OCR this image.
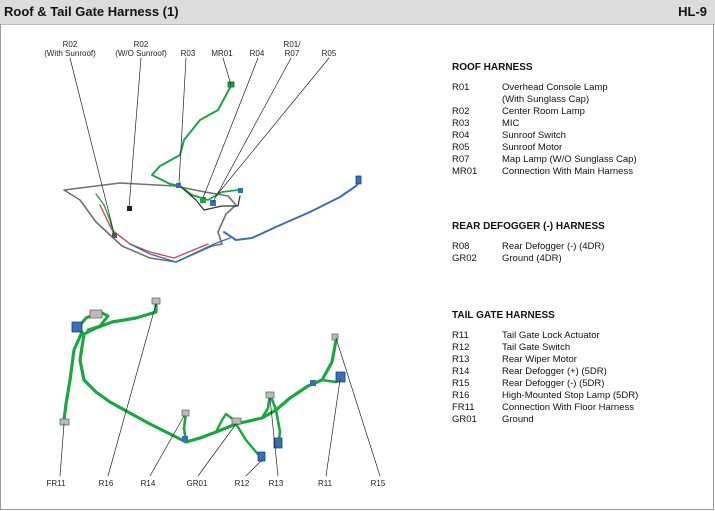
Roof & Tail Gate Harness (1)	HL-9
R02
(With Sunroof)
R02
(W/O Sunroof) R03 MR01 R04
R01/
R07	R05
FR11	R16	R14	GR01	R12 R13	R11	R15
ROOF HARNESS
R01	Overhead Console Lamp
(With Sunglass Cap)

R02	Center Room Lamp
R03	MIC
R04	Sunroof Switch
R05	Sunroof Motor
R07	Map Lamp (W/O Sunglass Cap)
MR01	Connection With Main Harness
REAR DEFOGGER (-) HARNESS
R08	Rear Defogger (-) (4DR)
GR02	Ground (4DR)
TAIL GATE HARNESS
R11	Tail Gate Lock Actuator
R12	Tail Gate Switch
R13	Rear Wiper Motor
R14	Rear Defogger (+) (5DR)
R15	Rear Defogger (-) (5DR)
R16	High-Mounted Stop Lamp (5DR)
FR11	Connection With Floor Harness
GR01	Ground
